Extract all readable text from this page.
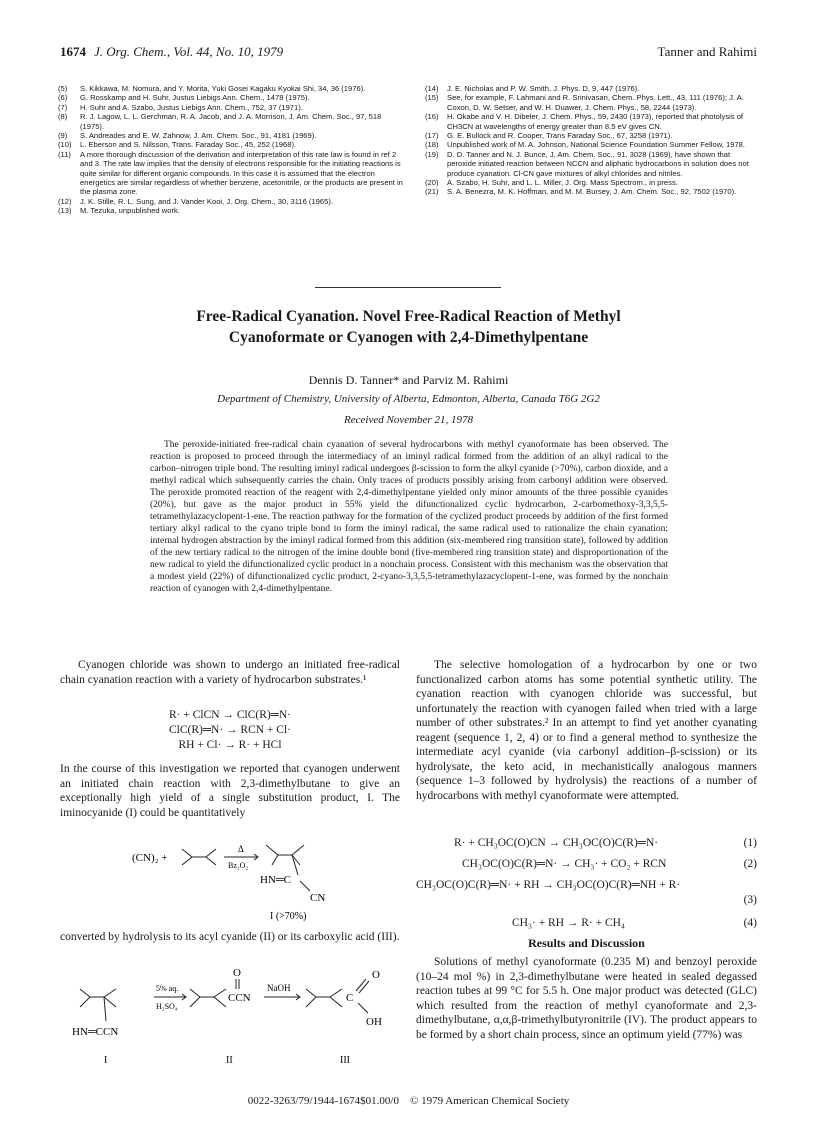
1674 J. Org. Chem., Vol. 44, No. 10, 1979	Tanner and Rahimi

(5) S. Kikkawa, M. Nomura, and Y. Morita, Yuki Gosei Kagaku Kyokai Shi, 34, 36 (1976).

(6) G. Rosskamp and H. Suhr, Justus Liebigs Ann. Chem., 1478 (1975).

(7) H. Suhr and A. Szabo, Justus Liebigs Ann. Chem., 752, 37 (1971).

(8) R. J. Lagow, L. L. Gerchman, R. A. Jacob, and J. A. Morrison, J. Am. Chem. Soc., 97, 518 (1975).

(9) S. Andreades and E. W. Zahnow, J. Am. Chem. Soc., 91, 4181 (1969).

(10) L. Eberson and S. Nilsson, Trans. Faraday Soc., 45, 252 (1968).

(11) A more thorough discussion of the derivation and interpretation of this rate law is found in ref 2 and 3. The rate law implies that the density of electrons responsible for the initiating reactions is quite similar for different organic compounds. In this case it is assumed that the electron energetics are similar regardless of whether benzene, acetonitrile, or the products are present in the plasma zone.

(12) J. K. Stille, R. L. Sung, and J. Vander Kooi, J. Org. Chem., 30, 3116 (1965).

(13) M. Tezuka, unpublished work.

(14) J. E. Nicholas and P. W. Smith, J. Phys. D, 9, 447 (1976).

(15) See, for example, F. Lahmani and R. Srinivasan, Chem. Phys. Lett., 43, 111 (1976); J. A. Coxon, D. W. Setser, and W. H. Duawer, J. Chem. Phys., 58, 2244 (1973).

(16) H. Okabe and V. H. Dibeler, J. Chem. Phys., 59, 2430 (1973), reported that photolysis of CH3CN at wavelengths of energy greater than 8.5 eV gives CN.

(17) G. E. Bullock and R. Cooper, Trans Faraday Soc., 67, 3258 (1971).

(18) Unpublished work of M. A. Johnson, National Science Foundation Summer Fellow, 1978.

(19) D. D. Tanner and N. J. Bunce, J. Am. Chem. Soc., 91, 3028 (1969), have shown that peroxide initiated reaction between NCCN and aliphatic hydrocarbons in solution does not produce cyanation. Cl-CN gave mixtures of alkyl chlorides and nitriles.

(20) A. Szabo, H. Suhr, and L. L. Miller, J. Org. Mass Spectrom., in press.

(21) S. A. Benezra, M. K. Hoffman, and M. M. Bursey, J. Am. Chem. Soc., 92, 7502 (1970).

Free-Radical Cyanation. Novel Free-Radical Reaction of Methyl
Cyanoformate or Cyanogen with 2,4-Dimethylpentane
Dennis D. Tanner* and Parviz M. Rahimi
Department of Chemistry, University of Alberta, Edmonton, Alberta, Canada T6G 2G2
Received November 21, 1978

The peroxide-initiated free-radical chain cyanation of several hydrocarbons with methyl cyanoformate has been observed. The reaction is proposed to proceed through the intermediacy of an iminyl radical formed from the addition of an alkyl radical to the carbon–nitrogen triple bond. The resulting iminyl radical undergoes β-scission to form the alkyl cyanide (>70%), carbon dioxide, and a methyl radical which subsequently carries the chain. Only traces of products possibly arising from carbonyl addition were observed. The peroxide promoted reaction of the reagent with 2,4-dimethylpentane yielded only minor amounts of the three possible cyanides (20%), but gave as the major product in 55% yield the difunctionalized cyclic hydrocarbon, 2-carbomethoxy-3,3,5,5-tetramethylazacyclopent-1-ene. The reaction pathway for the formation of the cyclized product proceeds by addition of the first formed tertiary alkyl radical to the cyano triple bond to form the iminyl radical, the same radical used to rationalize the chain cyanation; internal hydrogen abstraction by the iminyl radical formed from this addition (six-membered ring transition state), followed by addition of the new tertiary radical to the nitrogen of the imine double bond (five-membered ring transition state) and disproportionation of the new radical to yield the difunctionalized cyclic product in a nonchain process. Consistent with this mechanism was the observation that a modest yield (22%) of difunctionalized cyclic product, 2-cyano-3,3,5,5-tetramethylazacyclopent-1-ene, was formed by the nonchain reaction of cyanogen with 2,4-dimethylpentane.

Cyanogen chloride was shown to undergo an initiated free-radical chain cyanation reaction with a variety of hydrocarbon substrates.¹

R· + ClCN → ClC(R)═N·
ClC(R)═N· → RCN + Cl·
RH + Cl· → R· + HCl

In the course of this investigation we reported that cyanogen underwent an initiated chain reaction with 2,3-dimethylbutane to give an exceptionally high yield of a single substitution product, I. The iminocyanide (I) could be quantitatively

(CN)₂ +
Δ
Bz₂O₂
HN═C
CN
I (>70%)

converted by hydrolysis to its acyl cyanide (II) or its carboxylic acid (III).

HN═CCN
I
5% aq.
H₂SO₄
O
CCN
II
NaOH
O
C
OH
III

The selective homologation of a hydrocarbon by one or two functionalized carbon atoms has some potential synthetic utility. The cyanation reaction with cyanogen chloride was successful, but unfortunately the reaction with cyanogen failed when tried with a large number of other substrates.² In an attempt to find yet another cyanating reagent (sequence 1, 2, 4) or to find a general method to synthesize the intermediate acyl cyanide (via carbonyl addition–β-scission) or its hydrolysate, the keto acid, in mechanistically analogous manners (sequence 1–3 followed by hydrolysis) the reactions of a number of hydrocarbons with methyl cyanoformate were attempted.

R· + CH₃OC(O)CN → CH₃OC(O)C(R)═N·	(1)
CH₃OC(O)C(R)═N· → CH₃· + CO₂ + RCN	(2)
CH₃OC(O)C(R)═N· + RH → CH₃OC(O)C(R)═NH + R·
(3)
CH₃· + RH → R· + CH₄	(4)
Results and Discussion

Solutions of methyl cyanoformate (0.235 M) and benzoyl peroxide (10–24 mol %) in 2,3-dimethylbutane were heated in sealed degassed reaction tubes at 99 °C for 5.5 h. One major product was detected (GLC) which resulted from the reaction of methyl cyanoformate and 2,3-dimethylbutane, α,α,β-trimethylbutyronitrile (IV). The product appears to be formed by a short chain process, since an optimum yield (77%) was

0022-3263/79/1944-1674$01.00/0 © 1979 American Chemical Society
